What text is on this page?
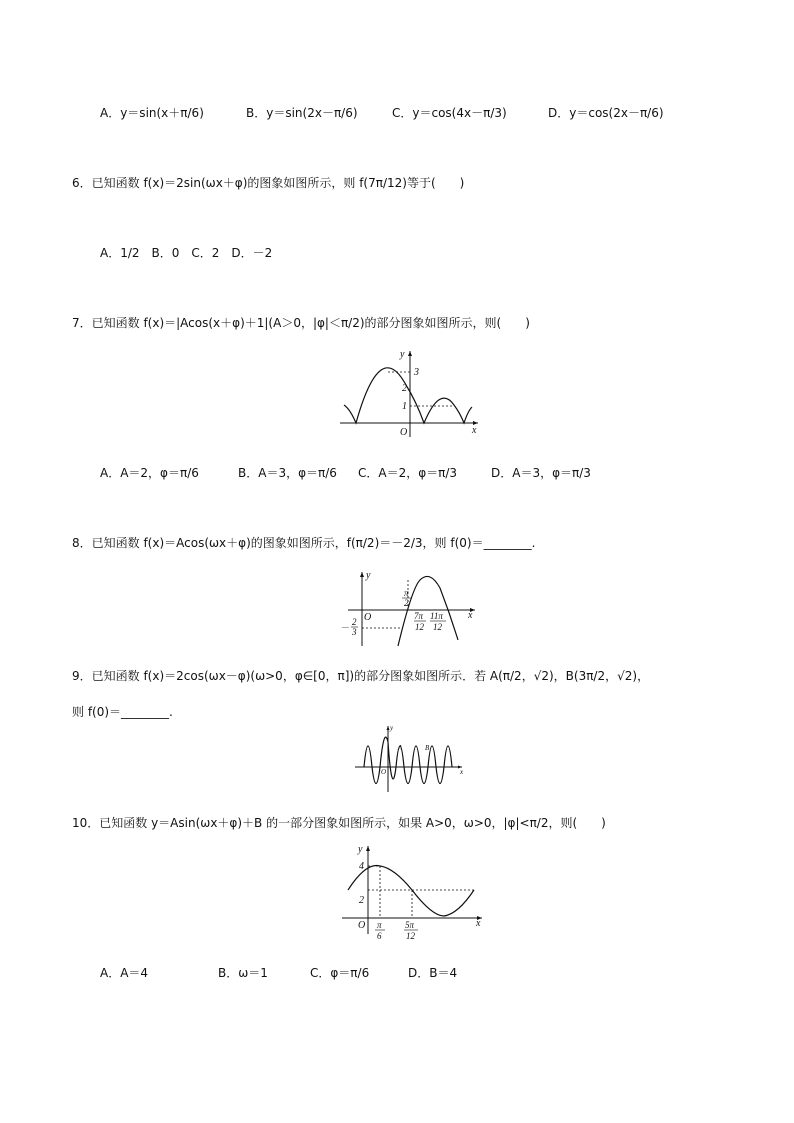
A．y＝sin(x＋π/6)	B．y＝sin(2x－π/6)	C．y＝cos(4x－π/3)	D．y＝cos(2x－π/6)
6．已知函数 f(x)＝2sin(ωx＋φ)的图象如图所示，则 f(7π/12)等于(　　)
A．1/2　B．0　C．2　D．－2
7．已知函数 f(x)＝|Acos(x＋φ)＋1|(A＞0，|φ|＜π/2)的部分图象如图所示，则(　　)
y
x
O
3
2
1
A．A＝2，φ＝π/6	B．A＝3，φ＝π/6 C．A＝2，φ＝π/3	D．A＝3，φ＝π/3
8．已知函数 f(x)＝Acos(ωx＋φ)的图象如图所示，f(π/2)＝－2/3，则 f(0)＝________.
y
x
O
π
2
－
2
3
7π
12
11π
12
9．已知函数 f(x)＝2cos(ωx－φ)(ω>0，φ∈[0，π])的部分图象如图所示．若 A(π/2，√2)，B(3π/2，√2)，
则 f(0)＝________.
y
x
O
A	B
10．已知函数 y＝Asin(ωx＋φ)＋B 的一部分图象如图所示，如果 A>0，ω>0，|φ|<π/2，则(　　)
y
x
O
4
2
π
6
5π
12
A．A＝4	B．ω＝1	C．φ＝π/6	D．B＝4
